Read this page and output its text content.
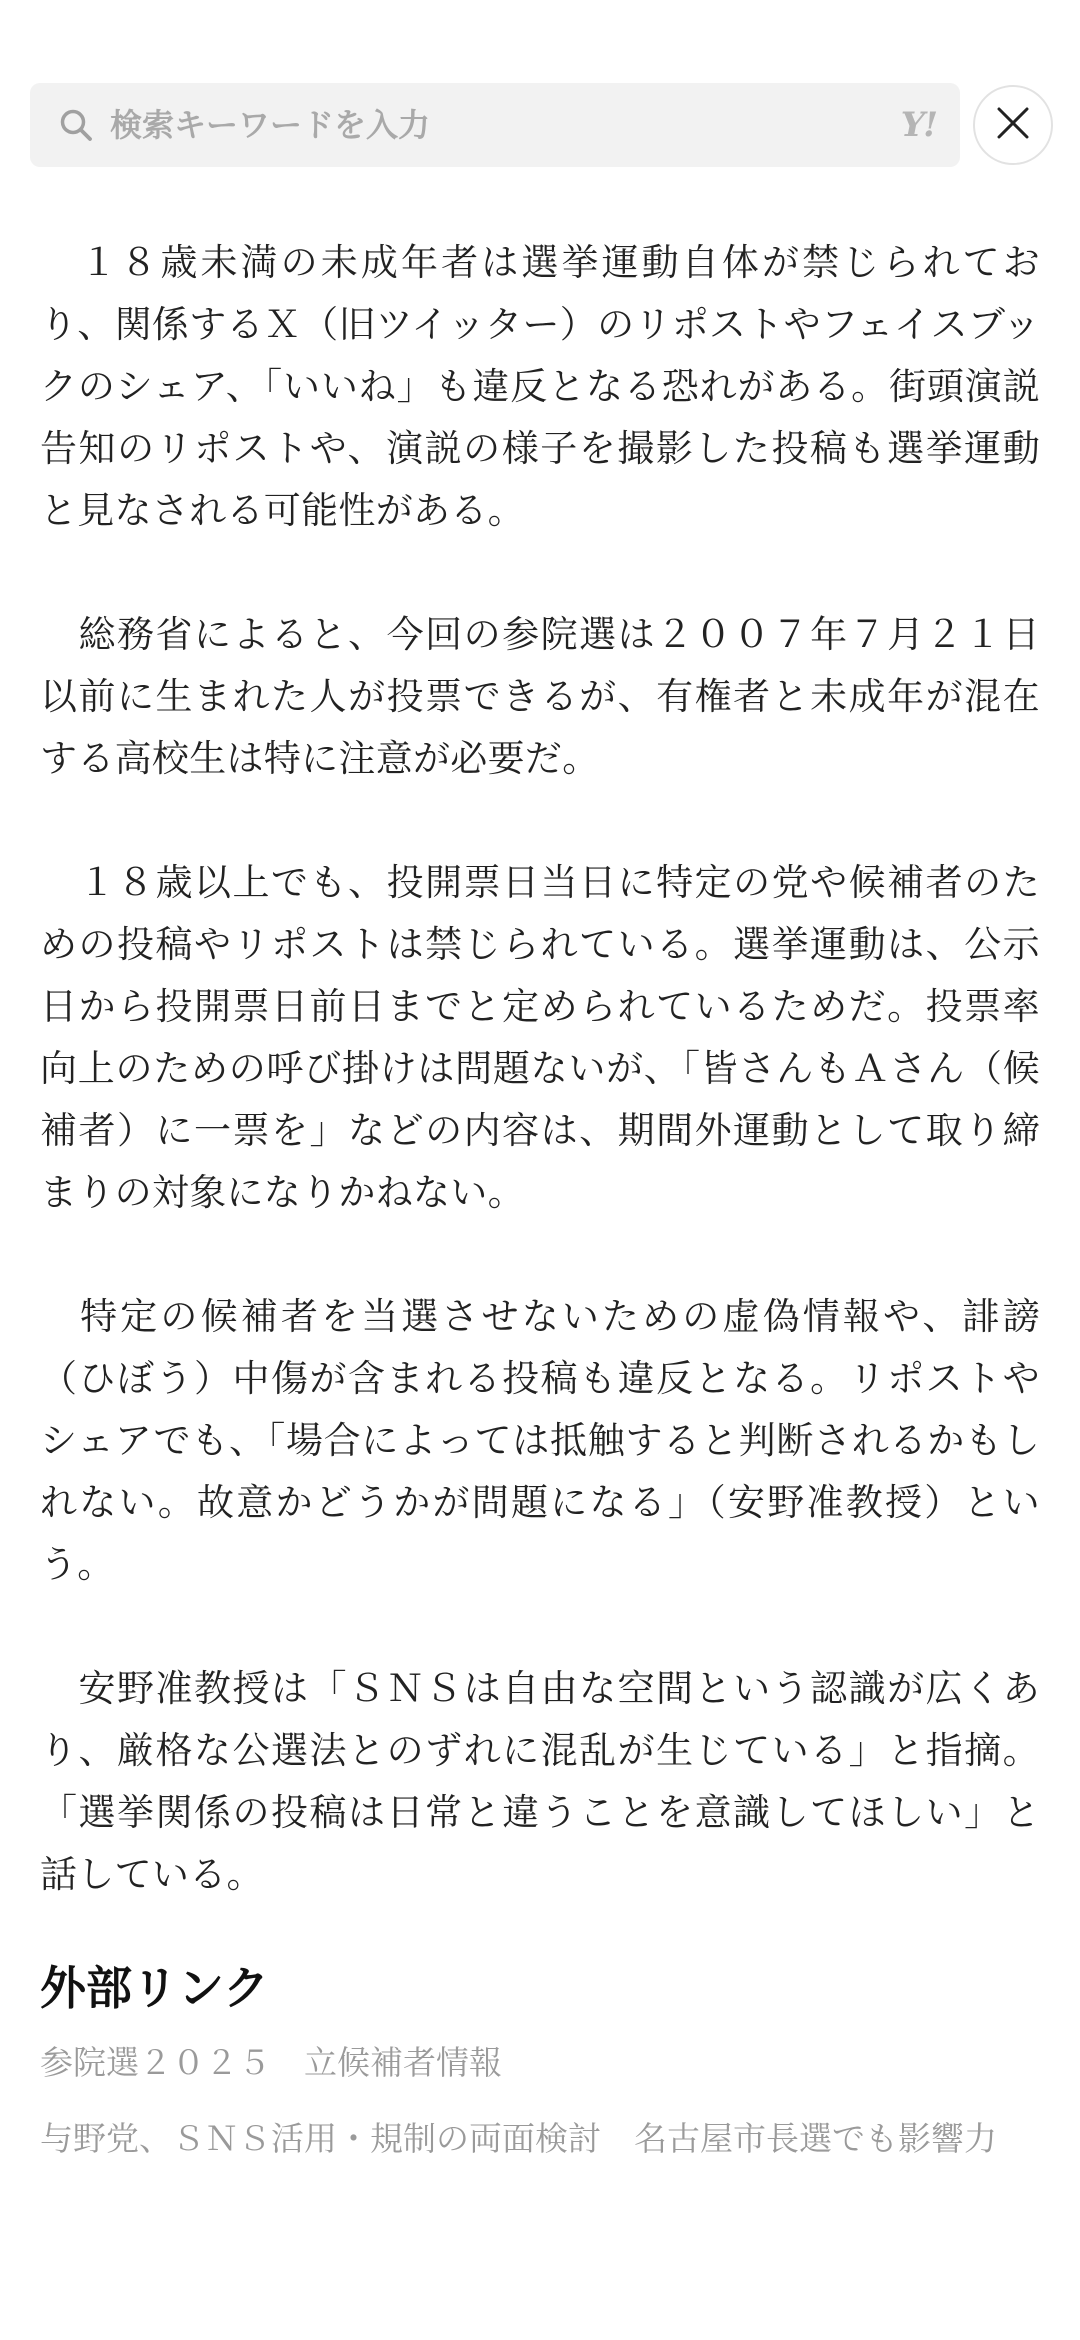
検索キーワードを入力
Y!

　１８歳未満の未成年者は選挙運動自体が禁じられており、関係するＸ（旧ツイッター）のリポストやフェイスブックのシェア、「いいね」も違反となる恐れがある。街頭演説告知のリポストや、演説の様子を撮影した投稿も選挙運動と見なされる可能性がある。

　総務省によると、今回の参院選は２００７年７月２１日以前に生まれた人が投票できるが、有権者と未成年が混在する高校生は特に注意が必要だ。

　１８歳以上でも、投開票日当日に特定の党や候補者のための投稿やリポストは禁じられている。選挙運動は、公示日から投開票日前日までと定められているためだ。投票率向上のための呼び掛けは問題ないが、「皆さんもＡさん（候補者）に一票を」などの内容は、期間外運動として取り締まりの対象になりかねない。

　特定の候補者を当選させないための虚偽情報や、誹謗（ひぼう）中傷が含まれる投稿も違反となる。リポストやシェアでも、「場合によっては抵触すると判断されるかもしれない。故意かどうかが問題になる」（安野准教授）という。

　安野准教授は「ＳＮＳは自由な空間という認識が広くあり、厳格な公選法とのずれに混乱が生じている」と指摘。「選挙関係の投稿は日常と違うことを意識してほしい」と話している。

外部リンク
参院選２０２５　立候補者情報
与野党、ＳＮＳ活用・規制の両面検討　名古屋市長選でも影響力
